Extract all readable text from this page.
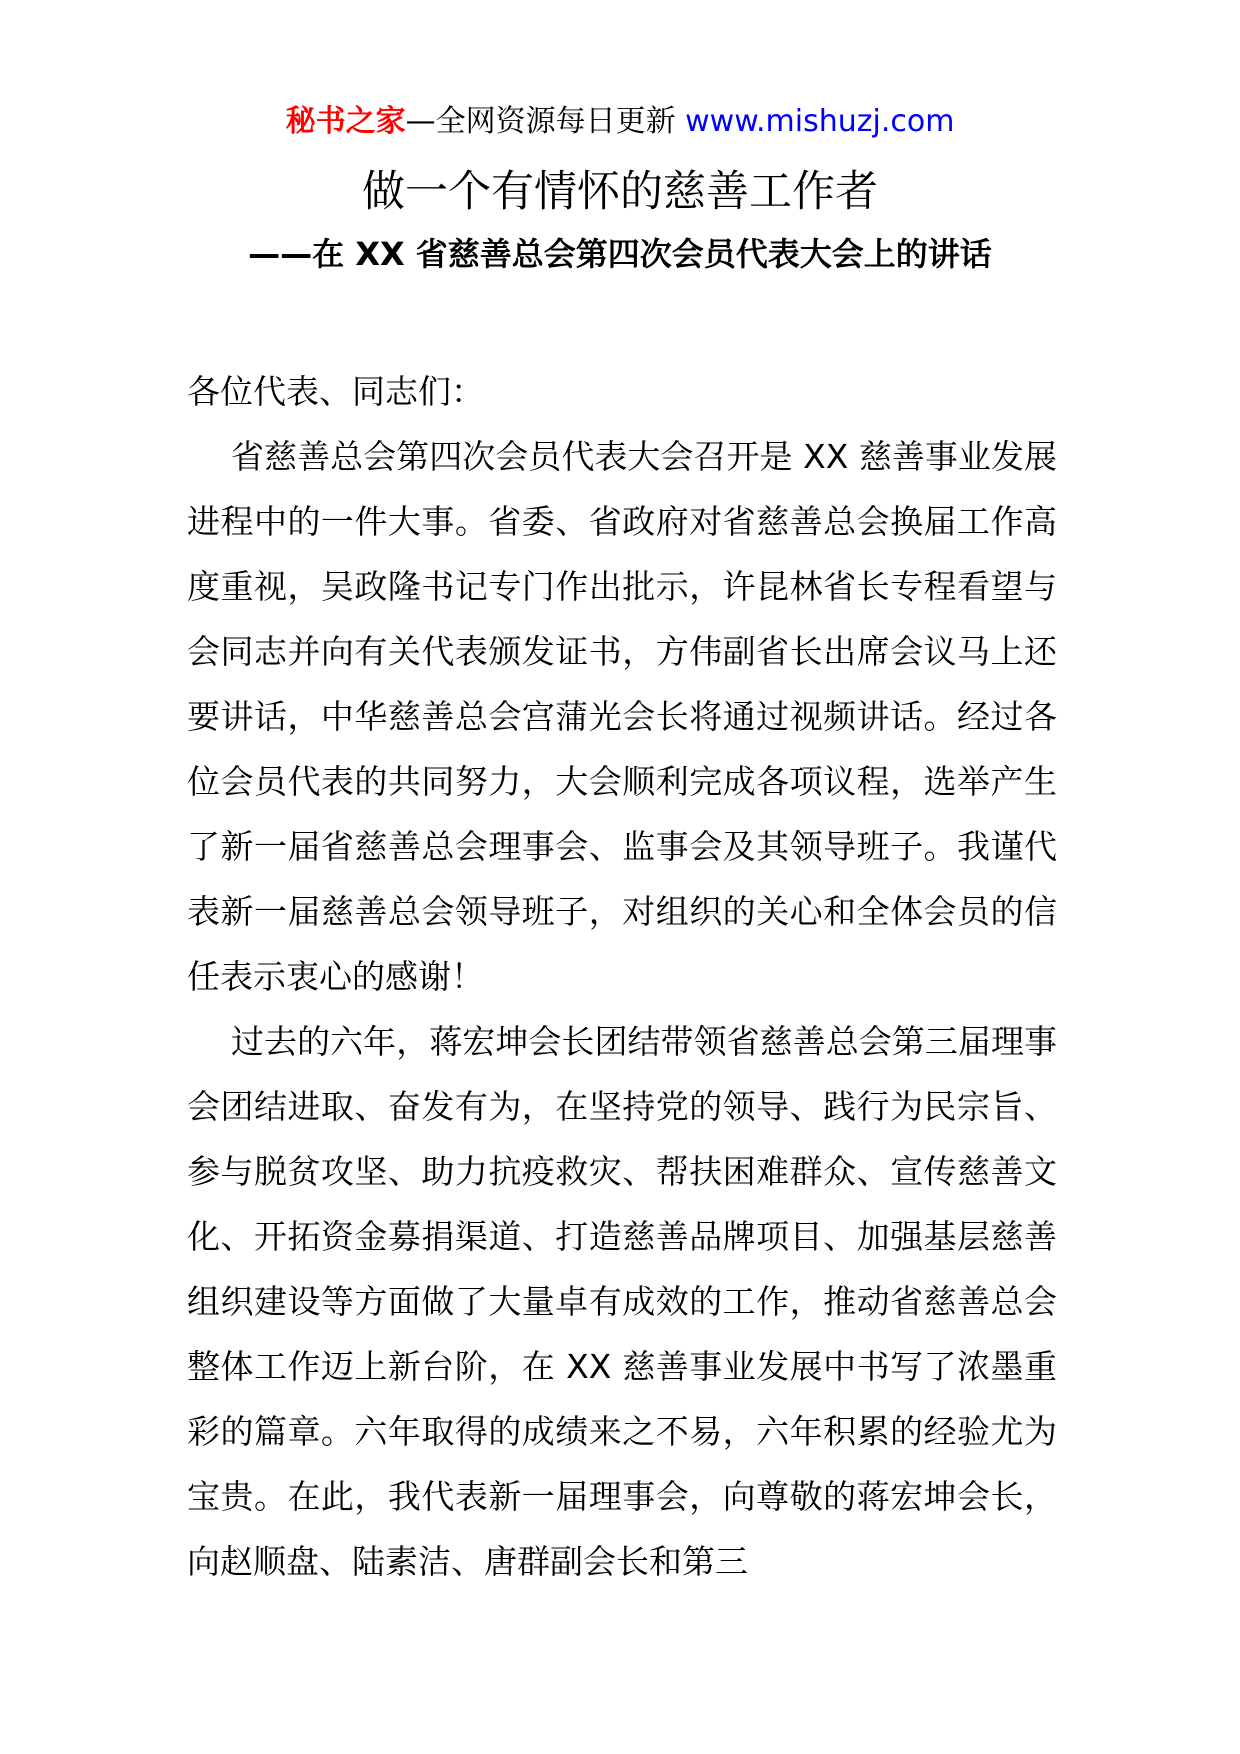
秘书之家—全网资源每日更新 www.mishuzj.com
做一个有情怀的慈善工作者
——在 XX 省慈善总会第四次会员代表大会上的讲话

各位代表、同志们：

省慈善总会第四次会员代表大会召开是 XX 慈善事业发展进程中的一件大事。省委、省政府对省慈善总会换届工作高度重视，吴政隆书记专门作出批示，许昆林省长专程看望与会同志并向有关代表颁发证书，方伟副省长出席会议马上还要讲话，中华慈善总会宫蒲光会长将通过视频讲话。经过各位会员代表的共同努力，大会顺利完成各项议程，选举产生了新一届省慈善总会理事会、监事会及其领导班子。我谨代表新一届慈善总会领导班子，对组织的关心和全体会员的信任表示衷心的感谢！

过去的六年，蒋宏坤会长团结带领省慈善总会第三届理事会团结进取、奋发有为，在坚持党的领导、践行为民宗旨、参与脱贫攻坚、助力抗疫救灾、帮扶困难群众、宣传慈善文化、开拓资金募捐渠道、打造慈善品牌项目、加强基层慈善组织建设等方面做了大量卓有成效的工作，推动省慈善总会整体工作迈上新台阶，在 XX 慈善事业发展中书写了浓墨重彩的篇章。六年取得的成绩来之不易，六年积累的经验尤为宝贵。在此，我代表新一届理事会，向尊敬的蒋宏坤会长，向赵顺盘、陆素洁、唐群副会长和第三
